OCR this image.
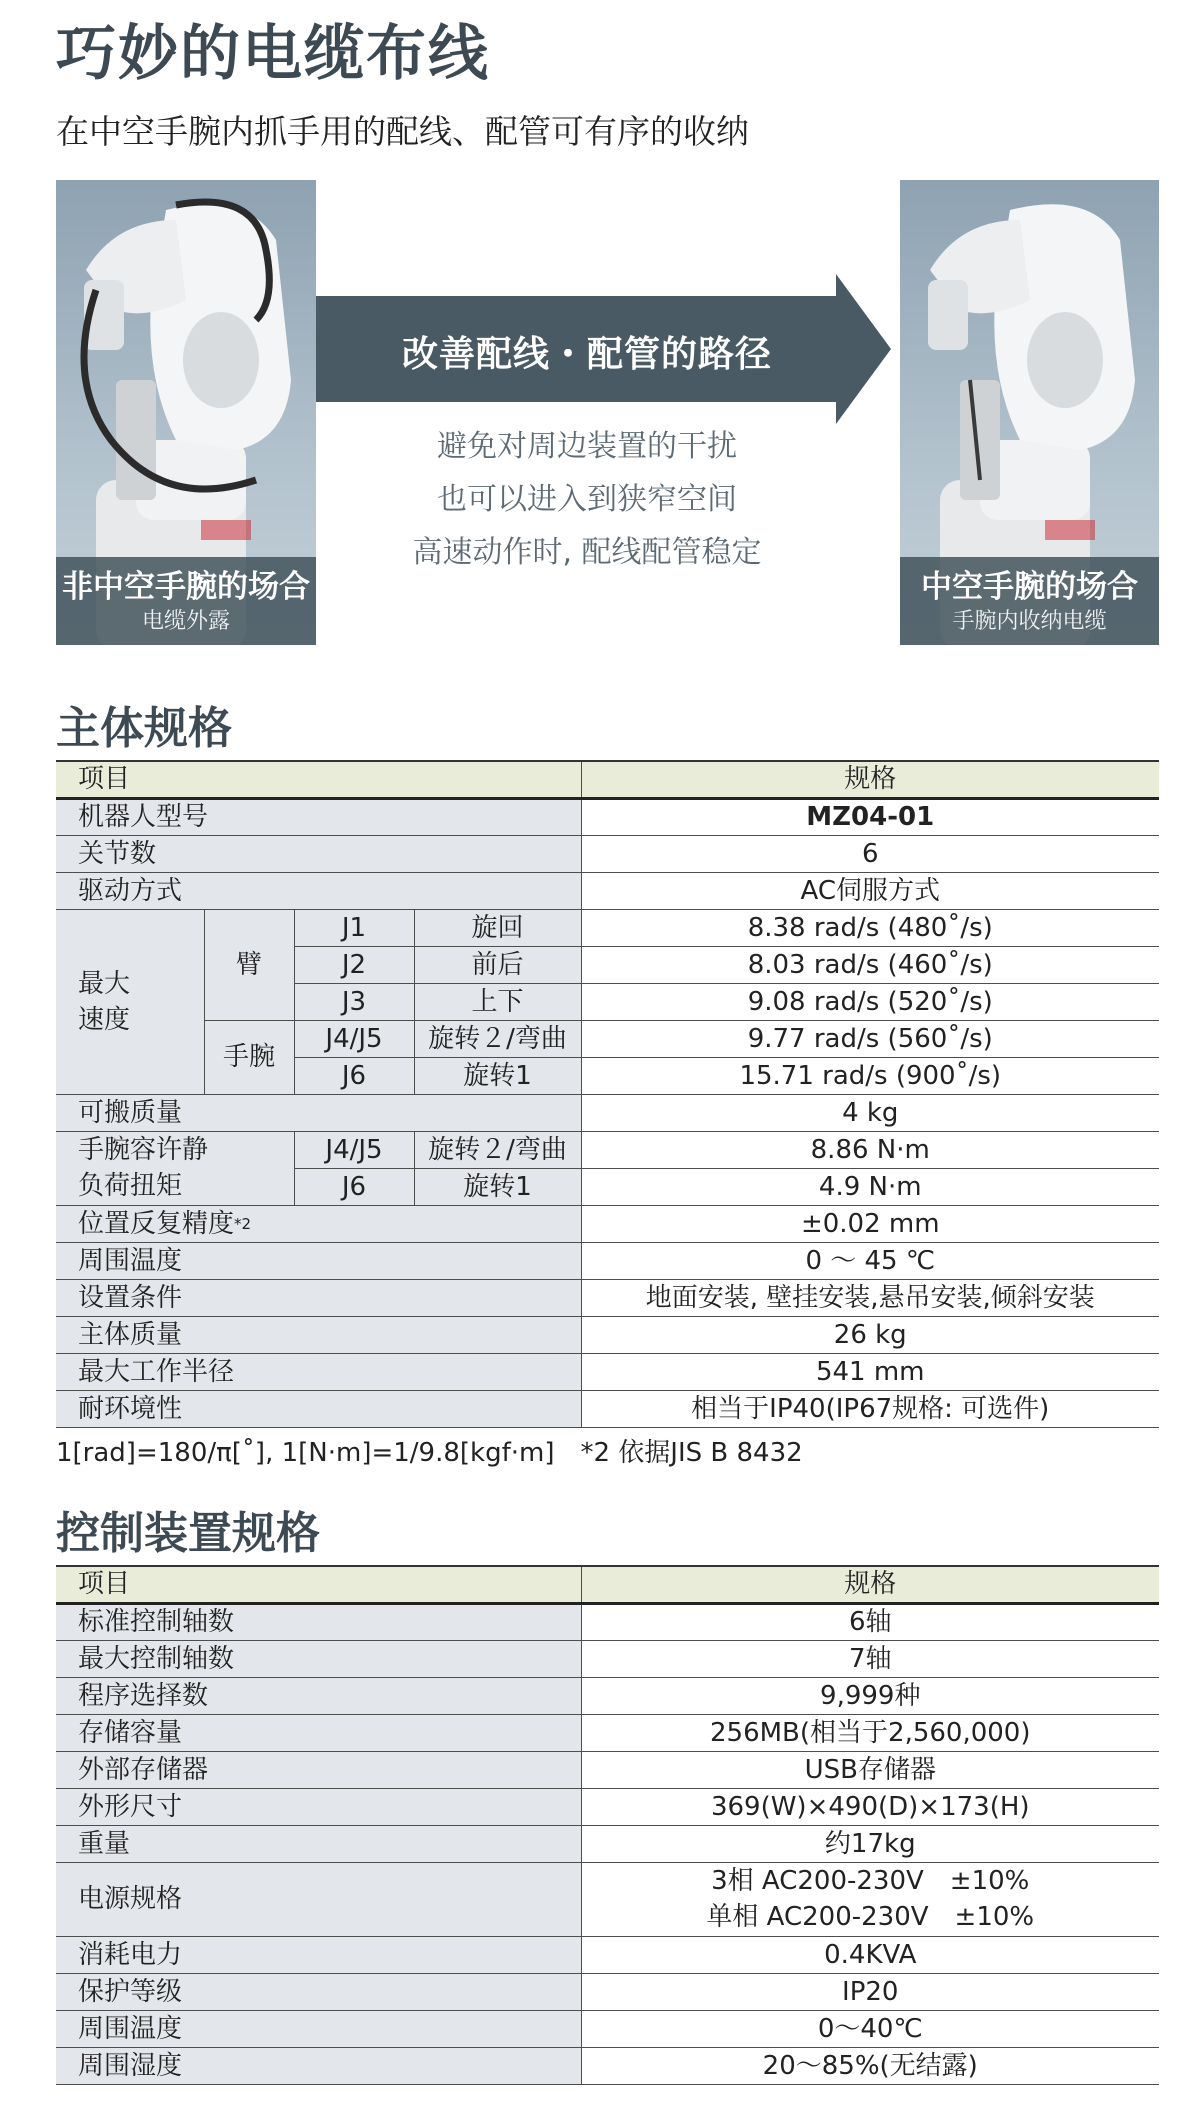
巧妙的电缆布线
在中空手腕内抓手用的配线、配管可有序的收纳
非中空手腕的场合
电缆外露
改善配线・配管的路径
避免对周边装置的干扰
也可以进入到狭窄空间
高速动作时, 配线配管稳定
中空手腕的场合
手腕内收纳电缆
主体规格
项目				规格
机器人型号				MZ04-01
关节数				6
驱动方式				AC伺服方式

最大
速度	臂	J1	旋回	8.38 rad/s (480˚/s)
		J2	前后	8.03 rad/s (460˚/s)
		J3	上下	9.08 rad/s (520˚/s)
	手腕	J4/J5	旋转２/弯曲	9.77 rad/s (560˚/s)
		J6	旋转1	15.71 rad/s (900˚/s)
可搬质量				4 kg

手腕容许静
负荷扭矩		J4/J5	旋转２/弯曲	8.86 N·m
		J6	旋转1	4.9 N·m
位置反复精度$^{*2}$				±0.02 mm
周围温度				0 ～ 45 ℃
设置条件				地面安装, 壁挂安装,悬吊安装,倾斜安装
主体质量				26 kg
最大工作半径				541 mm
耐环境性				相当于IP40(IP67规格: 可选件)
1[rad]=180/π[˚], 1[N·m]=1/9.8[kgf·m]　*2 依据JIS B 8432
控制装置规格
项目	规格
标准控制轴数	6轴
最大控制轴数	7轴
程序选择数	9,999种
存储容量	256MB(相当于2,560,000)
外部存储器	USB存储器
外形尺寸	369(W)×490(D)×173(H)
重量	约17kg
电源规格	3相 AC200-230V　±10%
单相 AC200-230V　±10%

消耗电力	0.4KVA
保护等级	IP20
周围温度	0～40℃
周围湿度	20～85%(无结露)
